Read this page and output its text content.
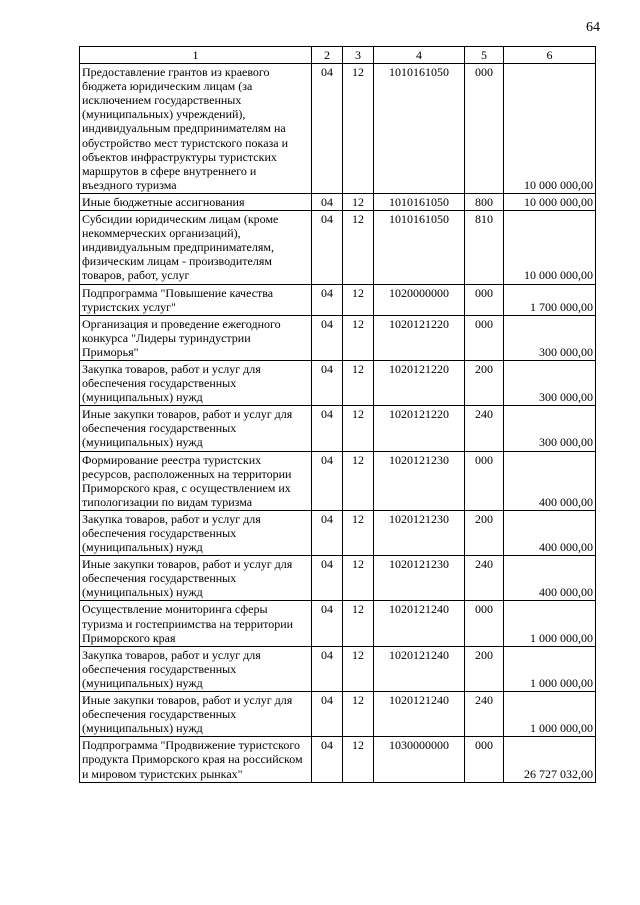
64
1	2	3	4	5	6
Предоставление грантов из краевого бюджета юридическим лицам (за исключением государственных (муниципальных) учреждений), индивидуальным предпринимателям на обустройство мест туристского показа и объектов инфраструктуры туристских маршрутов в сфере внутреннего и въездного туризма	04	12	1010161050	000	10 000 000,00
Иные бюджетные ассигнования	04	12	1010161050	800	10 000 000,00
Субсидии юридическим лицам (кроме некоммерческих организаций), индивидуальным предпринимателям, физическим лицам - производителям товаров, работ, услуг	04	12	1010161050	810	10 000 000,00
Подпрограмма "Повышение качества туристских услуг"	04	12	1020000000	000	1 700 000,00
Организация и проведение ежегодного конкурса "Лидеры туриндустрии Приморья"	04	12	1020121220	000	300 000,00
Закупка товаров, работ и услуг для обеспечения государственных (муниципальных) нужд	04	12	1020121220	200	300 000,00
Иные закупки товаров, работ и услуг для обеспечения государственных (муниципальных) нужд	04	12	1020121220	240	300 000,00
Формирование реестра туристских ресурсов, расположенных на территории Приморского края, с осуществлением их типологизации по видам туризма	04	12	1020121230	000	400 000,00
Закупка товаров, работ и услуг для обеспечения государственных (муниципальных) нужд	04	12	1020121230	200	400 000,00
Иные закупки товаров, работ и услуг для обеспечения государственных (муниципальных) нужд	04	12	1020121230	240	400 000,00
Осуществление мониторинга сферы туризма и гостеприимства на территории Приморского края	04	12	1020121240	000	1 000 000,00
Закупка товаров, работ и услуг для обеспечения государственных (муниципальных) нужд	04	12	1020121240	200	1 000 000,00
Иные закупки товаров, работ и услуг для обеспечения государственных (муниципальных) нужд	04	12	1020121240	240	1 000 000,00
Подпрограмма "Продвижение туристского продукта Приморского края на российском и мировом туристских рынках"	04	12	1030000000	000	26 727 032,00
